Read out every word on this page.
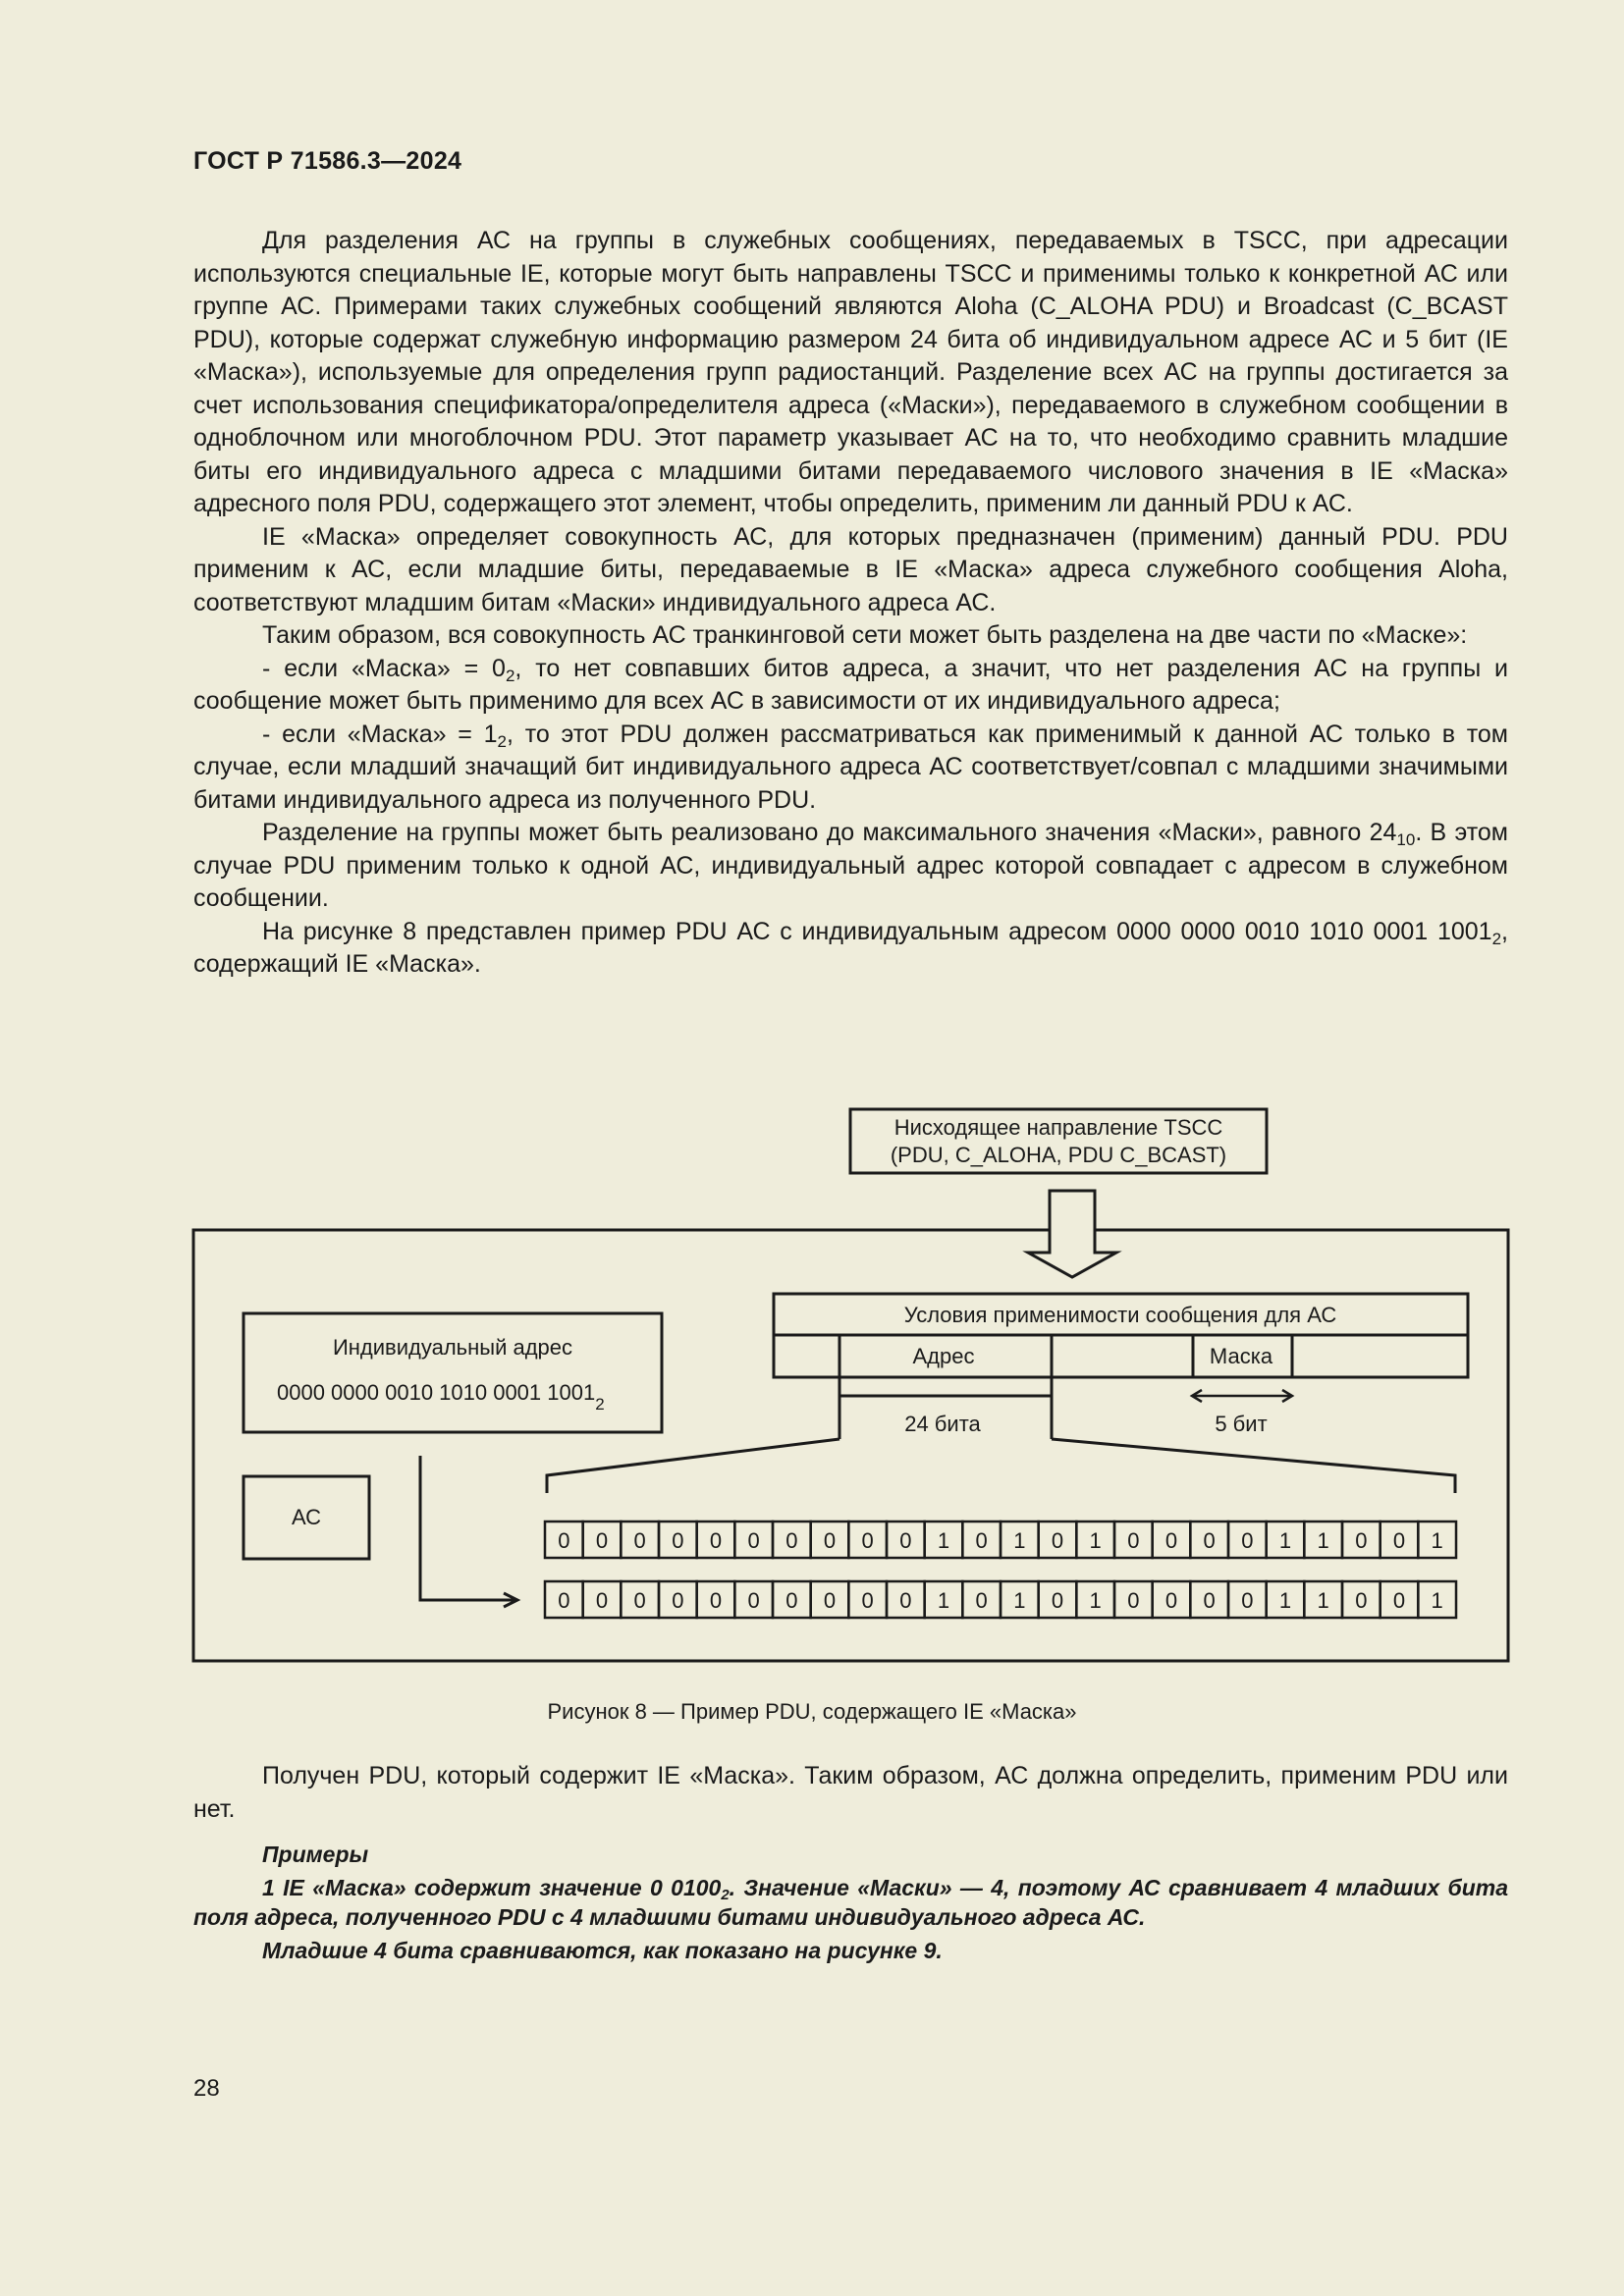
ГОСТ Р 71586.3—2024

Для разделения АС на группы в служебных сообщениях, передаваемых в TSCC, при адресации используются специальные IE, которые могут быть направлены TSCC и применимы только к конкретной АС или группе АС. Примерами таких служебных сообщений являются Aloha (C_ALOHA PDU) и Broadcast (C_BCAST PDU), которые содержат служебную информацию размером 24 бита об индивидуальном адресе АС и 5 бит (IE «Маска»), используемые для определения групп радиостанций. Разделение всех АС на группы достигается за счет использования спецификатора/определителя адреса («Маски»), передаваемого в служебном сообщении в одноблочном или многоблочном PDU. Этот параметр указывает АС на то, что необходимо сравнить младшие биты его индивидуального адреса с младшими битами передаваемого числового значения в IE «Маска» адресного поля PDU, содержащего этот элемент, чтобы определить, применим ли данный PDU к АС.

IE «Маска» определяет совокупность АС, для которых предназначен (применим) данный PDU. PDU применим к АС, если младшие биты, передаваемые в IE «Маска» адреса служебного сообщения Aloha, соответствуют младшим битам «Маски» индивидуального адреса АС.

Таким образом, вся совокупность АС транкинговой сети может быть разделена на две части по «Маске»:

- если «Маска» = $0_2$, то нет совпавших битов адреса, а значит, что нет разделения АС на группы и сообщение может быть применимо для всех АС в зависимости от их индивидуального адреса;

- если «Маска» = $1_2$, то этот PDU должен рассматриваться как применимый к данной АС только в том случае, если младший значащий бит индивидуального адреса АС соответствует/совпал с младшими значимыми битами индивидуального адреса из полученного PDU.

Разделение на группы может быть реализовано до максимального значения «Маски», равного $24_{10}$. В этом случае PDU применим только к одной АС, индивидуальный адрес которой совпадает с адресом в служебном сообщении.

На рисунке 8 представлен пример PDU АС с индивидуальным адресом 0000 0000 0010 1010 0001 $1001_2$, содержащий IE «Маска».

Нисходящее направление TSCC
(PDU, C_ALOHA, PDU C_BCAST)
Условия применимости сообщения для АС
Адрес	Маска
5 бит
24 бита
Индивидуальный адрес
0000 0000 0010 1010 0001 $1001_2$
АС
0 0 0 0 0 0 0 0 0 0 1 0 1 0 1 0 0 0 0 1 1 0 0 1
0 0 0 0 0 0 0 0 0 0 1 0 1 0 1 0 0 0 0 1 1 0 0 1
Рисунок 8 — Пример PDU, содержащего IE «Маска»

Получен PDU, который содержит IE «Маска». Таким образом, АС должна определить, применим PDU или нет.

Примеры

1 IE «Маска» содержит значение 0 $0100_2$. Значение «Маски» — 4, поэтому АС сравнивает 4 младших бита поля адреса, полученного PDU с 4 младшими битами индивидуального адреса АС.

Младшие 4 бита сравниваются, как показано на рисунке 9.

28
